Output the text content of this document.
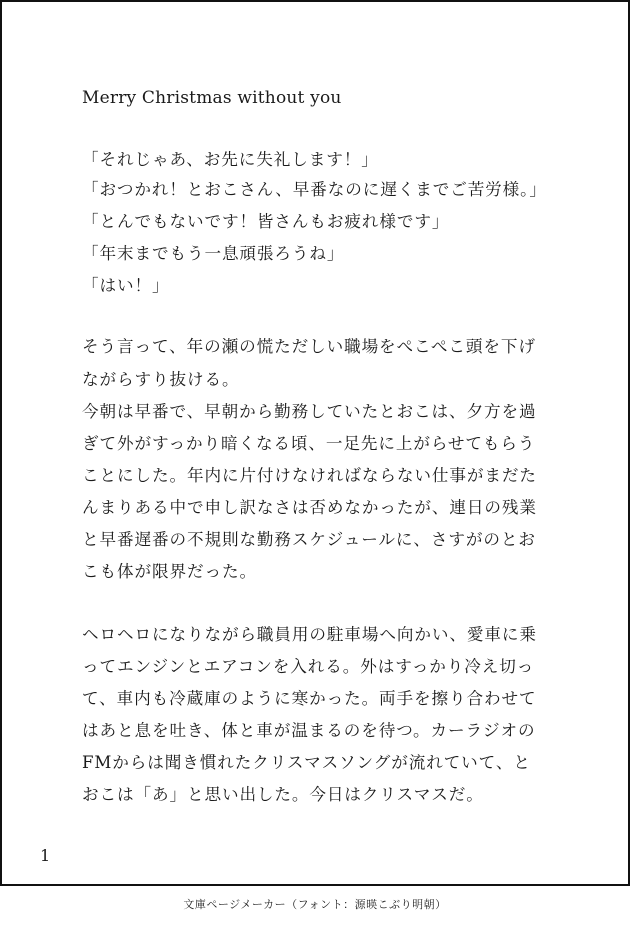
Merry Christmas without you
「それじゃあ、お先に失礼します！」
「おつかれ！とおこさん、早番なのに遅くまでご苦労様。」
「とんでもないです！皆さんもお疲れ様です」
「年末までもう一息頑張ろうね」
「はい！」
そう言って、年の瀬の慌ただしい職場をぺこぺこ頭を下げ
ながらすり抜ける。
今朝は早番で、早朝から勤務していたとおこは、夕方を過
ぎて外がすっかり暗くなる頃、一足先に上がらせてもらう
ことにした。年内に片付けなければならない仕事がまだた
んまりある中で申し訳なさは否めなかったが、連日の残業
と早番遅番の不規則な勤務スケジュールに、さすがのとお
こも体が限界だった。
ヘロヘロになりながら職員用の駐車場へ向かい、愛車に乗
ってエンジンとエアコンを入れる。外はすっかり冷え切っ
て、車内も冷蔵庫のように寒かった。両手を擦り合わせて
はあと息を吐き、体と車が温まるのを待つ。カーラジオの
FMからは聞き慣れたクリスマスソングが流れていて、と
おこは「あ」と思い出した。今日はクリスマスだ。
1
文庫ページメーカー（フォント：源暎こぶり明朝）
